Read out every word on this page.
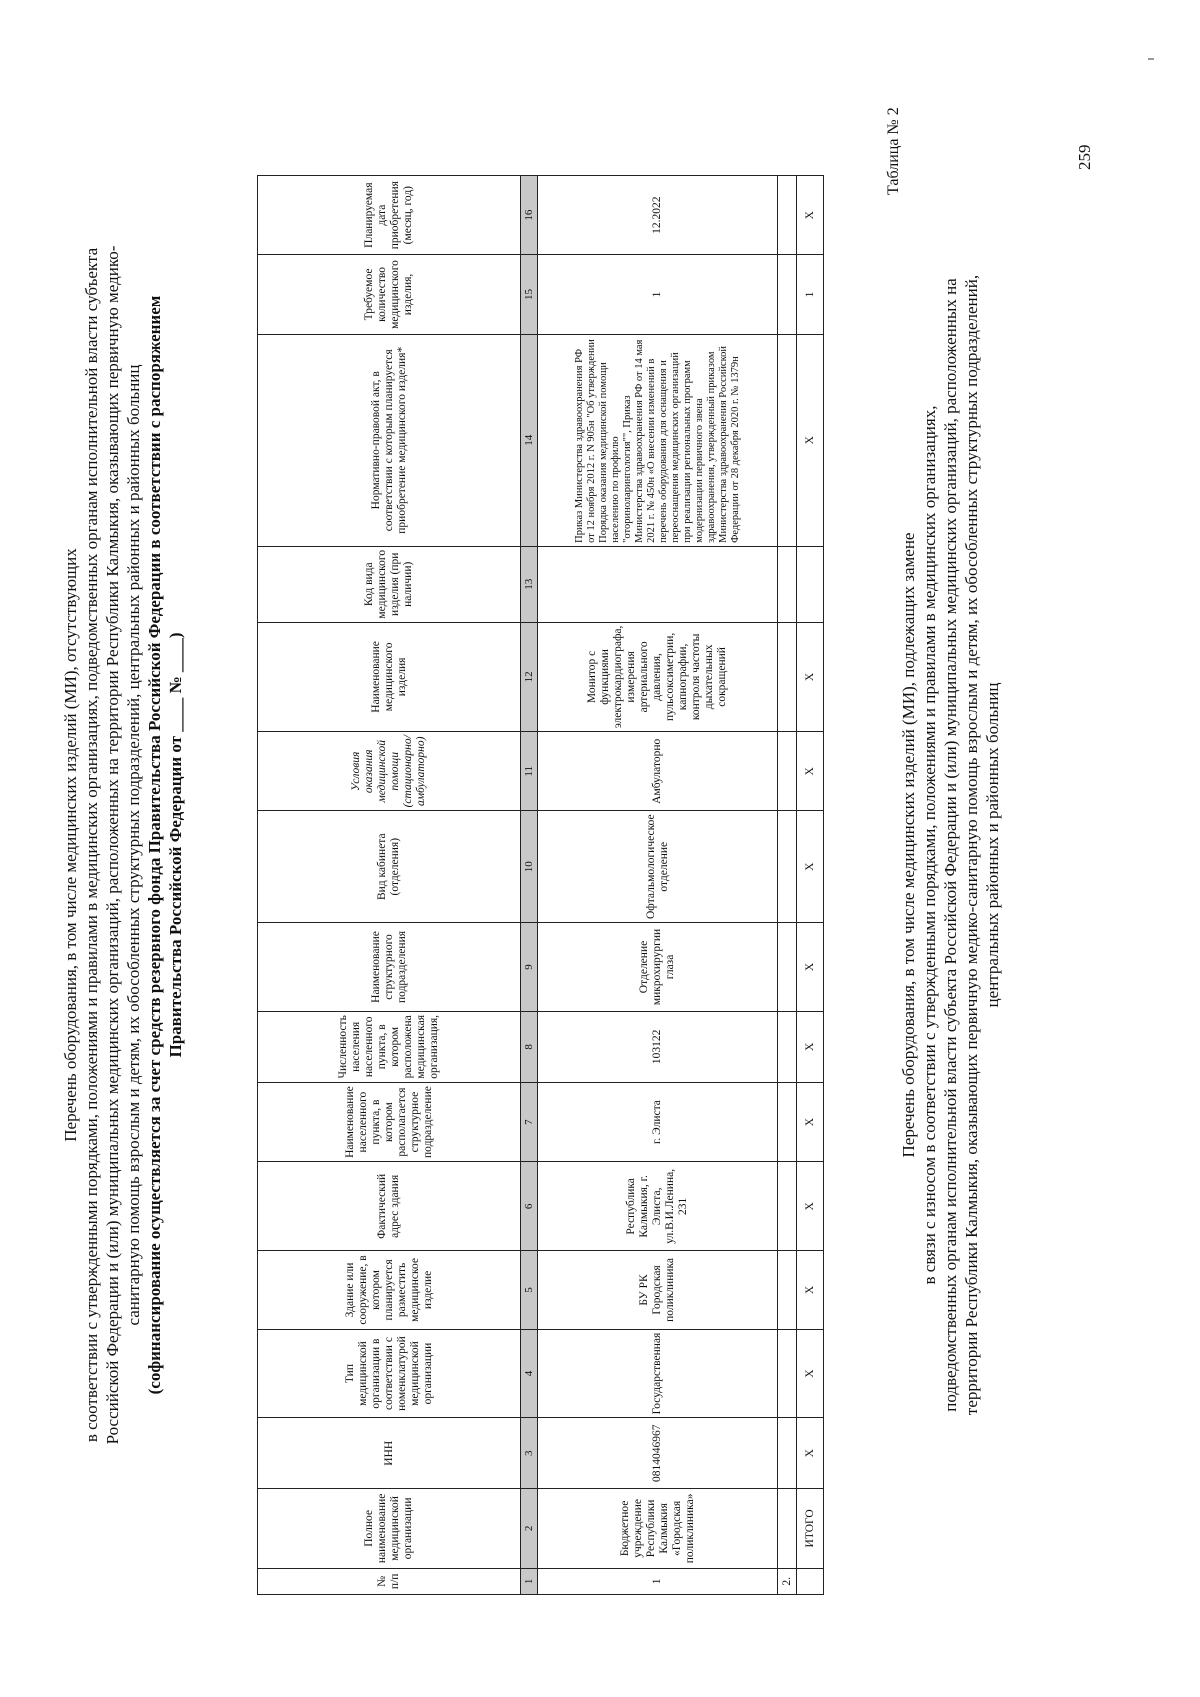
Перечень оборудования, в том числе медицинских изделий (МИ), отсутствующих в соответствии с утвержденными порядками, положениями и правилами в медицинских организациях, подведомственных органам исполнительной власти субъекта Российской Федерации и (или) муниципальных медицинских организаций, расположенных на территории Республики Калмыкия, оказывающих первичную медико- санитарную помощь взрослым и детям, их обособленных структурных подразделений, центральных районных и районных больниц (софинансирование осуществляется за счет средств резервного фонда Правительства Российской Федерации в соответствии с распоряжением Правительства Российской Федерации от ____ № ____)
№ п/п	Полное наименование медицинской организации	ИНН	Тип медицинской организации в соответствии с номенклатурой медицинской организации	Здание или сооружение, в котором планируется разместить медицинское изделие	Фактический адрес здания	Наименование населенного пункта, в котором располагается структурное подразделение	Численность населения населенного пункта, в котором расположена медицинская организация,	Наименование структурного подразделения	Вид кабинета (отделения)	Условия оказания медицинской помощи (стационарно/амбулаторно)	Наименование медицинского изделия	Код вида медицинского изделия (при наличии)	Нормативно-правовой акт, в соответствии с которым планируется приобретение медицинского изделия*	Требуемое количество медицинского изделия,	Планируемая дата приобретения (месяц, год)
1	2	3	4	5	6	7	8	9	10	11	12	13	14	15	16
1	Бюджетное учреждение Республики Калмыкия «Городская поликлиника»	0814046967	Государственная	БУ РК Городская поликлиника	Республика Калмыкия, г. Элиста, ул.В.И.Ленина, 231	г. Элиста	103122	Отделение микрохирургии глаза	Офтальмологическое отделение	Амбулаторно	Монитор с функциями электрокардиографа, измерения артериального давления, пульсоксиметрии, капнографии, контроля частоты дыхательных сокращений		Приказ Министерства здравоохранения РФ от 12 ноября 2012 г. N 905н "Об утверждении Порядка оказания медицинской помощи населению по профилю "оториноларингология"", Приказ Министерства здравоохранения РФ от 14 мая 2021 г. № 450н «О внесении изменений в перечень оборудования для оснащения и переоснащения медицинских организаций при реализации региональных программ модернизации первичного звена здравоохранения, утвержденный приказом Министерства здравоохранения Российской Федерации от 28 декабря 2020 г. № 1379н	1	12.2022
2.															
	ИТОГО	Х	Х	Х	Х	Х	Х	Х	Х	Х	Х		Х	1	Х
Таблица № 2
Перечень оборудования, в том числе медицинских изделий (МИ), подлежащих замене в связи с износом в соответствии с утвержденными порядками, положениями и правилами в медицинских организациях, подведомственных органам исполнительной власти субъекта Российской Федерации и (или) муниципальных медицинских организаций, расположенных на территории Республики Калмыкия, оказывающих первичную медико-санитарную помощь взрослым и детям, их обособленных структурных подразделений, центральных районных и районных больниц
259
